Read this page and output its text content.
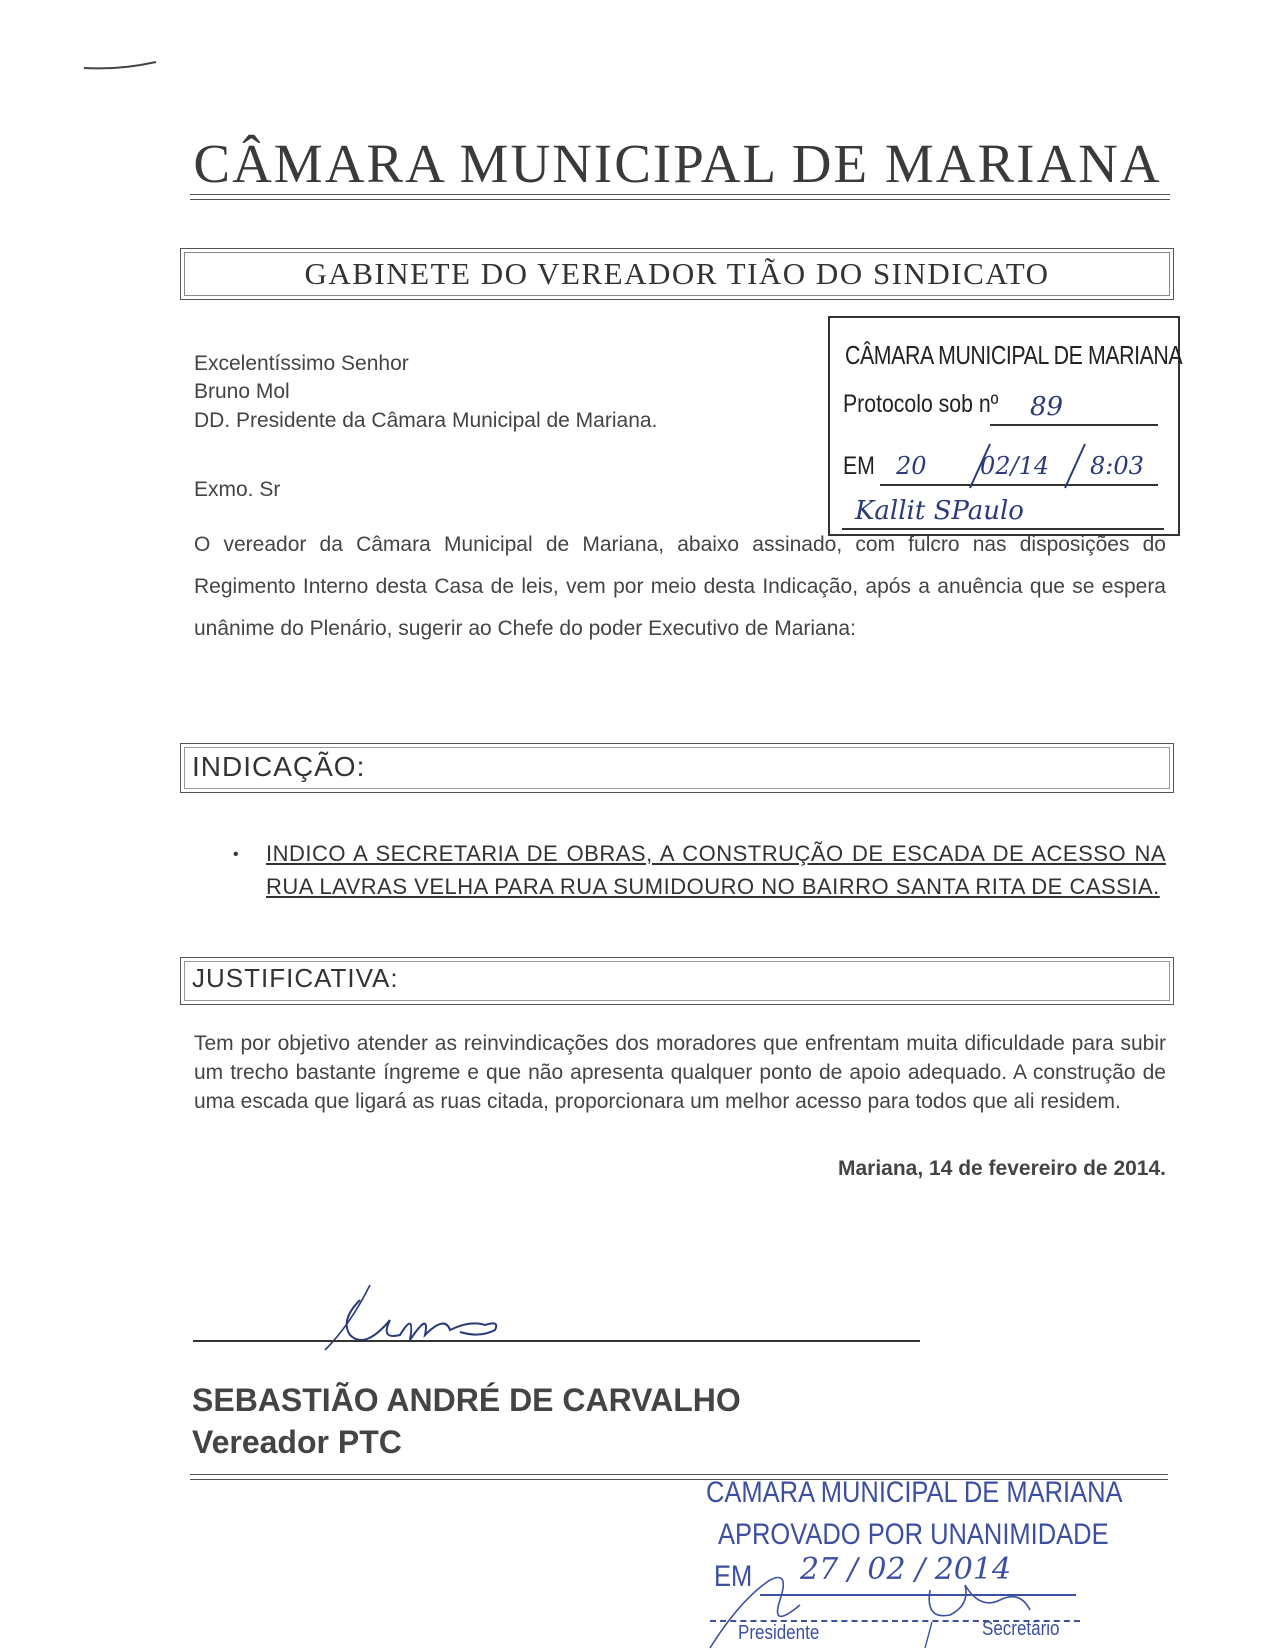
CÂMARA MUNICIPAL DE MARIANA
GABINETE DO VEREADOR TIÃO DO SINDICATO
Excelentíssimo Senhor
Bruno Mol
DD. Presidente da Câmara Municipal de Mariana.
Exmo. Sr
O vereador da Câmara Municipal de Mariana, abaixo assinado, com fulcro nas disposições do Regimento Interno desta Casa de leis, vem por meio desta Indicação, após a anuência que se espera unânime do Plenário, sugerir ao Chefe do poder Executivo de Mariana:
CÂMARA MUNICIPAL DE MARIANA
Protocolo sob nº 89
EM 20 02/14 8:03
Kallit SPaulo
INDICAÇÃO:
• INDICO A SECRETARIA DE OBRAS, A CONSTRUÇÃO DE ESCADA DE ACESSO NA RUA LAVRAS VELHA PARA RUA SUMIDOURO NO BAIRRO SANTA RITA DE CASSIA.
JUSTIFICATIVA:
Tem por objetivo atender as reinvindicações dos moradores que enfrentam muita dificuldade para subir um trecho bastante íngreme e que não apresenta qualquer ponto de apoio adequado. A construção de uma escada que ligará as ruas citada, proporcionara um melhor acesso para todos que ali residem.
Mariana, 14 de fevereiro de 2014.
SEBASTIÃO ANDRÉ DE CARVALHO
Vereador PTC
CAMARA MUNICIPAL DE MARIANA
APROVADO POR UNANIMIDADE
EM 27 / 02 / 2014
Presidente	Secretário
